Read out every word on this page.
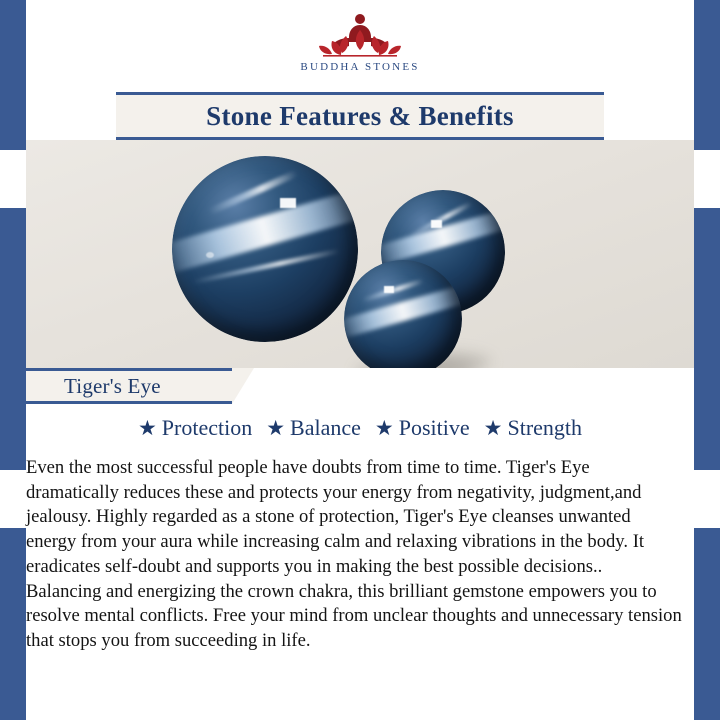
BUDDHA STONES
Stone Features & Benefits
Tiger's Eye
★ Protection ★ Balance ★ Positive ★ Strength

Even the most successful people have doubts from time to time. Tiger's Eye dramatically reduces these and protects your energy from negativity, judgment,and jealousy. Highly regarded as a stone of protection, Tiger's Eye cleanses unwanted energy from your aura while increasing calm and relaxing vibrations in the body. It eradicates self-doubt and supports you in making the best possible decisions.. Balancing and energizing the crown chakra, this brilliant gemstone empowers you to resolve mental conflicts. Free your mind from unclear thoughts and unnecessary tension that stops you from succeeding in life.
